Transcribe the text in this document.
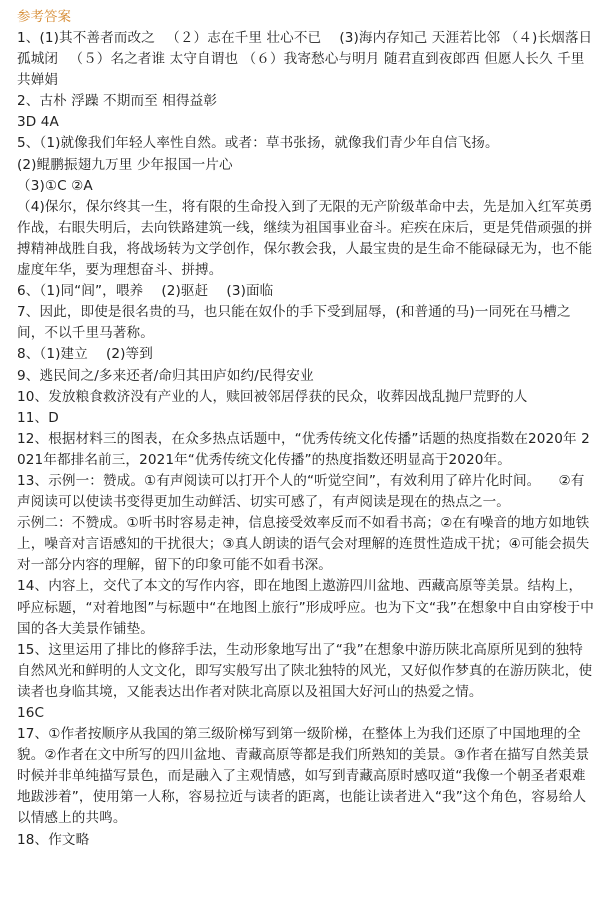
参考答案

1、(1)其不善者而改之 　（２）志在千里 壮心不已 　(3)海内存知己 天涯若比邻 （４)长烟落日孤城闭 　（５）名之者谁 太守自谓也 （６）我寄愁心与明月 随君直到夜郎西 但愿人长久 千里共婵娟

2、古朴 浮躁 不期而至 相得益彰

3D 4A

5、（1)就像我们年轻人率性自然。或者：草书张扬，就像我们青少年自信飞扬。

(2)鲲鹏振翅九万里 少年报国一片心

（3)①C ②A

（4)保尔，保尔终其一生，将有限的生命投入到了无限的无产阶级革命中去，先是加入红军英勇作战，右眼失明后，去向铁路建筑一线，继续为祖国事业奋斗。疟疾在床后，更是凭借顽强的拼搏精神战胜自我，将战场转为文学创作，保尔教会我，人最宝贵的是生命不能碌碌无为，也不能虚度年华，要为理想奋斗、拼搏。

6、（1)同“闾”，喂养 　(2)驱赶 　(3)面临

7、因此，即使是很名贵的马，也只能在奴仆的手下受到屈辱，(和普通的马)一同死在马槽之间，不以千里马著称。

8、（1)建立 　(2)等到

9、逃民间之/多来还者/命归其田庐如约/民得安业

10、发放粮食救济没有产业的人，赎回被邻居俘获的民众，收葬因战乱抛尸荒野的人

11、D

12、根据材料三的图表，在众多热点话题中，“优秀传统文化传播”话题的热度指数在2020年 2021年都排名前三，2021年“优秀传统文化传播”的热度指数还明显高于2020年。

13、示例一：赞成。①有声阅读可以打开个人的“听觉空间”，有效利用了碎片化时间。 　②有声阅读可以使读书变得更加生动鲜活、切实可感了，有声阅读是现在的热点之一。

示例二：不赞成。①听书时容易走神，信息接受效率反而不如看书高；②在有噪音的地方如地铁上，噪音对言语感知的干扰很大；③真人朗读的语气会对理解的连贯性造成干扰；④可能会损失对一部分内容的理解，留下的印象可能不如看书深。

14、内容上，交代了本文的写作内容，即在地图上遨游四川盆地、西藏高原等美景。结构上，呼应标题，“对着地图”与标题中“在地图上旅行”形成呼应。也为下文“我”在想象中自由穿梭于中国的各大美景作铺垫。

15、这里运用了排比的修辞手法，生动形象地写出了“我”在想象中游历陕北高原所见到的独特自然风光和鲜明的人文文化，即写实般写出了陕北独特的风光，又好似作梦真的在游历陕北，使读者也身临其境，又能表达出作者对陕北高原以及祖国大好河山的热爱之情。

16C

17、①作者按顺序从我国的第三级阶梯写到第一级阶梯，在整体上为我们还原了中国地理的全貌。②作者在文中所写的四川盆地、青藏高原等都是我们所熟知的美景。③作者在描写自然美景时候并非单纯描写景色，而是融入了主观情感，如写到青藏高原时感叹道“我像一个朝圣者艰难地跋涉着”，使用第一人称，容易拉近与读者的距离，也能让读者进入“我”这个角色，容易给人以情感上的共鸣。

18、作文略
